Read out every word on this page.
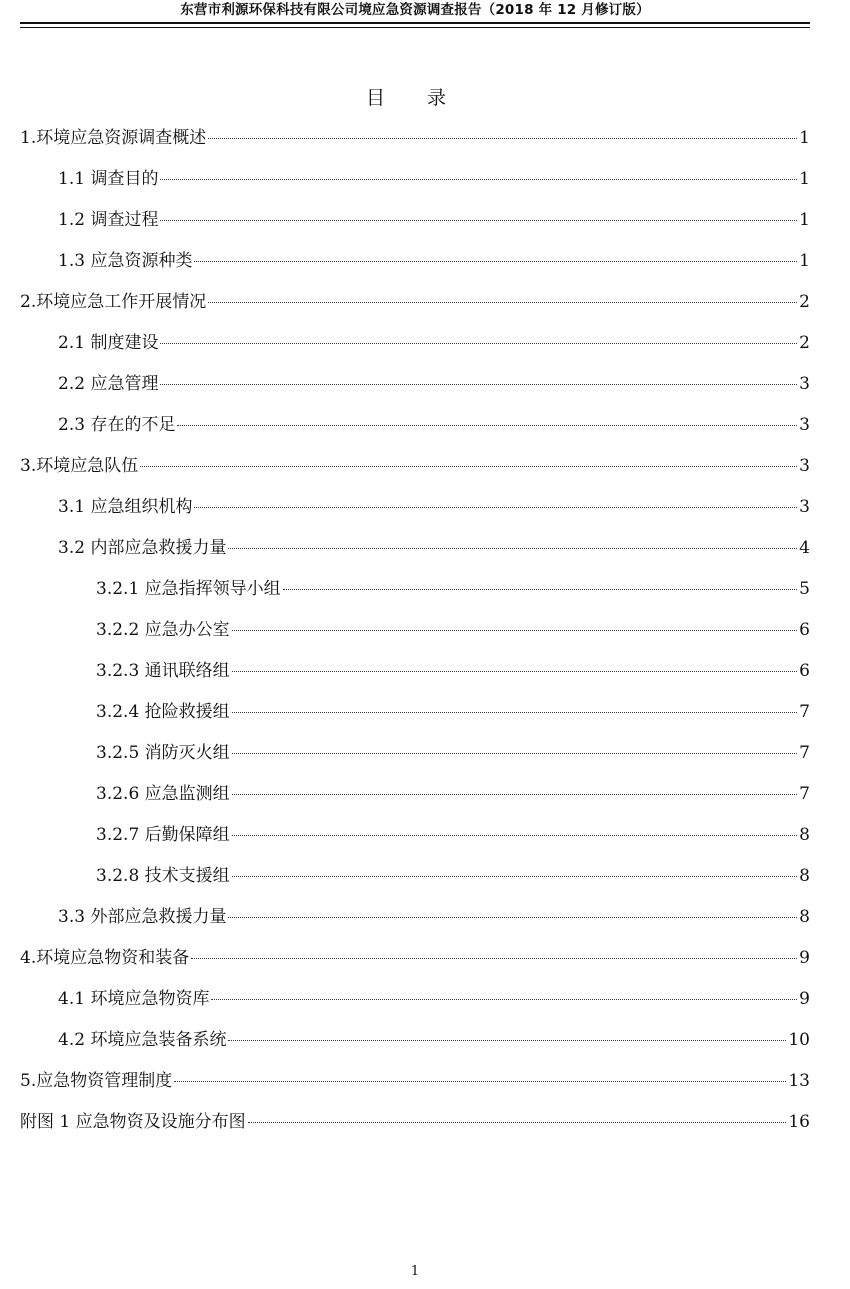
东营市利源环保科技有限公司境应急资源调查报告（2018 年 12 月修订版）
目 录
1.环境应急资源调查概述	1
1.1 调查目的	1
1.2 调查过程	1
1.3 应急资源种类	1
2.环境应急工作开展情况	2
2.1 制度建设	2
2.2 应急管理	3
2.3 存在的不足	3
3.环境应急队伍	3
3.1 应急组织机构	3
3.2 内部应急救援力量	4
3.2.1 应急指挥领导小组	5
3.2.2 应急办公室	6
3.2.3 通讯联络组	6
3.2.4 抢险救援组	7
3.2.5 消防灭火组	7
3.2.6 应急监测组	7
3.2.7 后勤保障组	8
3.2.8 技术支援组	8
3.3 外部应急救援力量	8
4.环境应急物资和装备	9
4.1 环境应急物资库	9
4.2 环境应急装备系统	10
5.应急物资管理制度	13
附图 1 应急物资及设施分布图	16
1
